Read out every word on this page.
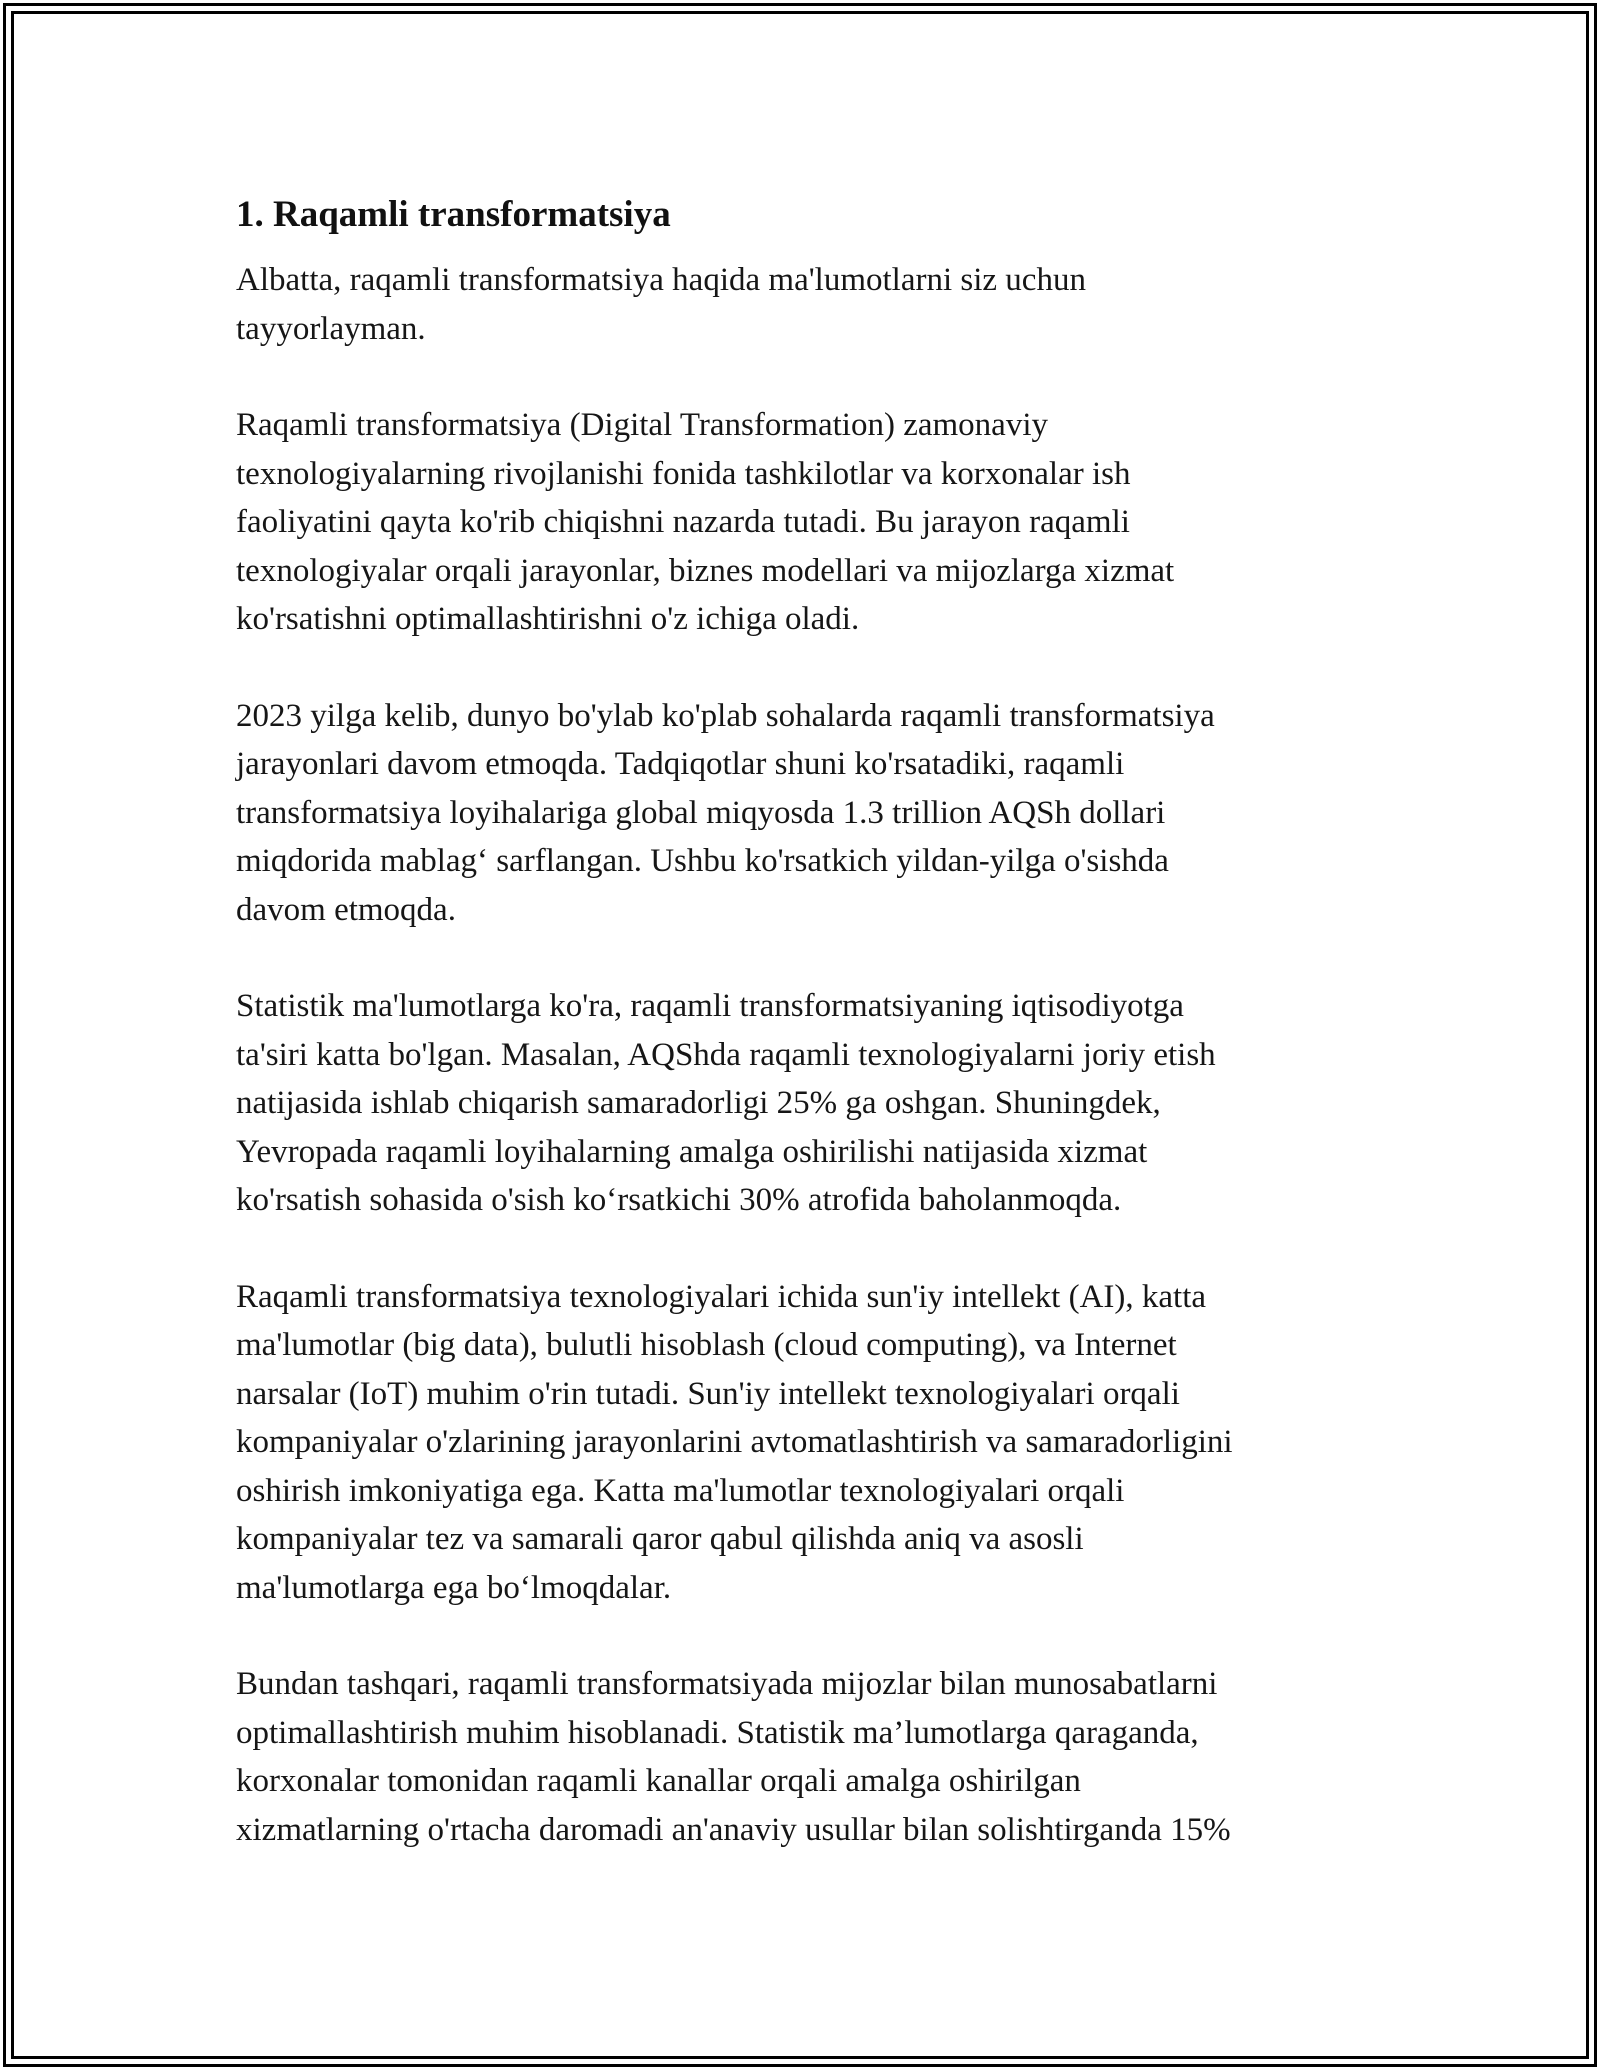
1. Raqamli transformatsiya

Albatta, raqamli transformatsiya haqida ma'lumotlarni siz uchun
tayyorlayman.

Raqamli transformatsiya (Digital Transformation) zamonaviy
texnologiyalarning rivojlanishi fonida tashkilotlar va korxonalar ish
faoliyatini qayta ko'rib chiqishni nazarda tutadi. Bu jarayon raqamli
texnologiyalar orqali jarayonlar, biznes modellari va mijozlarga xizmat
ko'rsatishni optimallashtirishni o'z ichiga oladi.

2023 yilga kelib, dunyo bo'ylab ko'plab sohalarda raqamli transformatsiya
jarayonlari davom etmoqda. Tadqiqotlar shuni ko'rsatadiki, raqamli
transformatsiya loyihalariga global miqyosda 1.3 trillion AQSh dollari
miqdorida mablag‘ sarflangan. Ushbu ko'rsatkich yildan-yilga o'sishda
davom etmoqda.

Statistik ma'lumotlarga ko'ra, raqamli transformatsiyaning iqtisodiyotga
ta'siri katta bo'lgan. Masalan, AQShda raqamli texnologiyalarni joriy etish
natijasida ishlab chiqarish samaradorligi 25% ga oshgan. Shuningdek,
Yevropada raqamli loyihalarning amalga oshirilishi natijasida xizmat
ko'rsatish sohasida o'sish ko‘rsatkichi 30% atrofida baholanmoqda.

Raqamli transformatsiya texnologiyalari ichida sun'iy intellekt (AI), katta
ma'lumotlar (big data), bulutli hisoblash (cloud computing), va Internet
narsalar (IoT) muhim o'rin tutadi. Sun'iy intellekt texnologiyalari orqali
kompaniyalar o'zlarining jarayonlarini avtomatlashtirish va samaradorligini
oshirish imkoniyatiga ega. Katta ma'lumotlar texnologiyalari orqali
kompaniyalar tez va samarali qaror qabul qilishda aniq va asosli
ma'lumotlarga ega bo‘lmoqdalar.

Bundan tashqari, raqamli transformatsiyada mijozlar bilan munosabatlarni
optimallashtirish muhim hisoblanadi. Statistik ma’lumotlarga qaraganda,
korxonalar tomonidan raqamli kanallar orqali amalga oshirilgan
xizmatlarning o'rtacha daromadi an'anaviy usullar bilan solishtirganda 15%
